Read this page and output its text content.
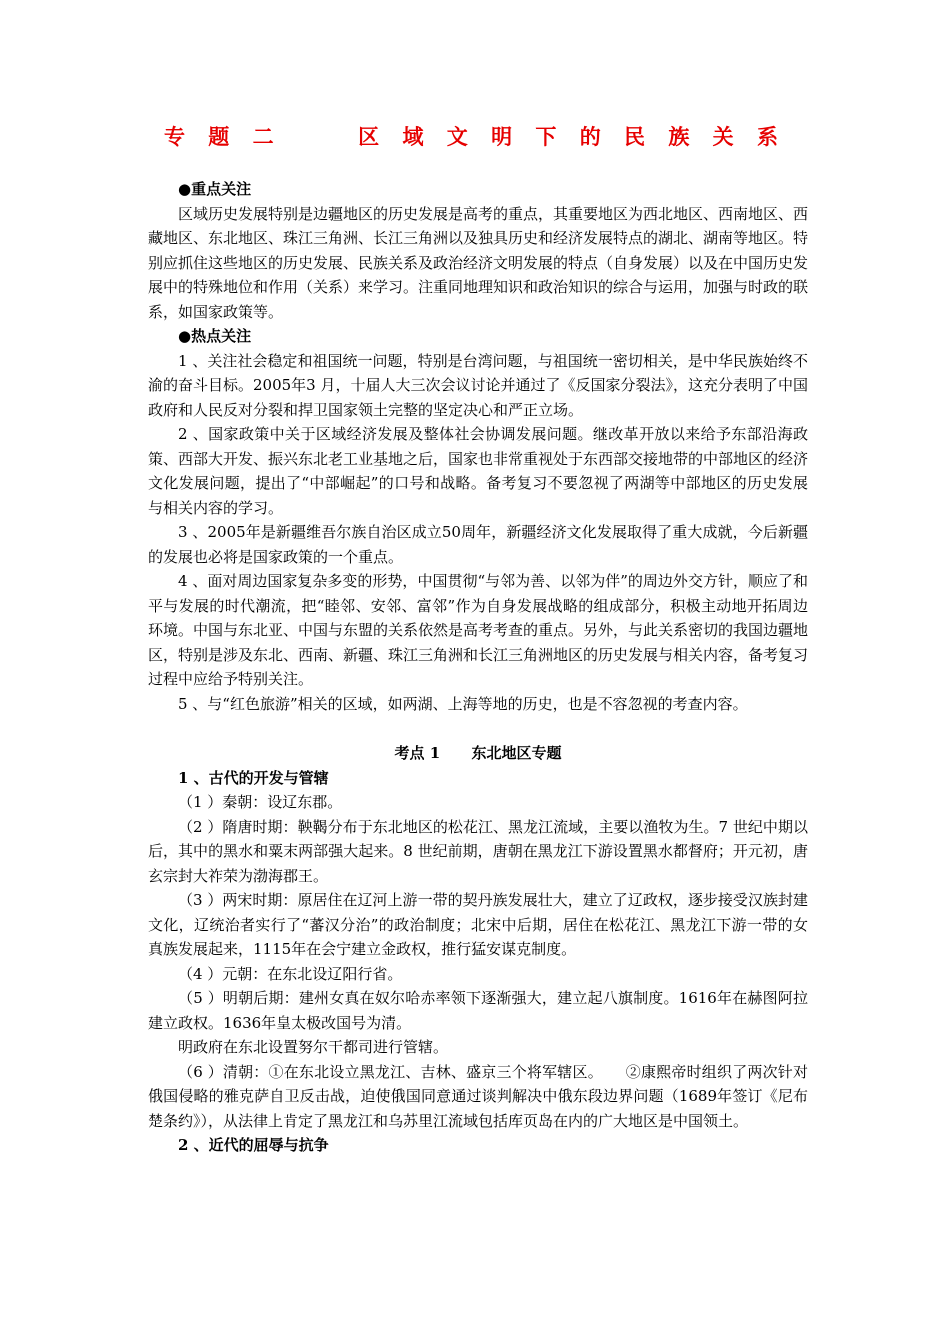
专 题 二     区 域 文 明 下 的 民 族 关 系

●重点关注

区域历史发展特别是边疆地区的历史发展是高考的重点，其重要地区为西北地区、西南地区、西藏地区、东北地区、珠江三角洲、长江三角洲以及独具历史和经济发展特点的湖北、湖南等地区。特别应抓住这些地区的历史发展、民族关系及政治经济文明发展的特点（自身发展）以及在中国历史发展中的特殊地位和作用（关系）来学习。注重同地理知识和政治知识的综合与运用，加强与时政的联系，如国家政策等。

●热点关注

1 、关注社会稳定和祖国统一问题，特别是台湾问题，与祖国统一密切相关，是中华民族始终不渝的奋斗目标。2005年3 月，十届人大三次会议讨论并通过了《反国家分裂法》，这充分表明了中国政府和人民反对分裂和捍卫国家领土完整的坚定决心和严正立场。

2 、国家政策中关于区域经济发展及整体社会协调发展问题。继改革开放以来给予东部沿海政策、西部大开发、振兴东北老工业基地之后，国家也非常重视处于东西部交接地带的中部地区的经济文化发展问题，提出了“中部崛起”的口号和战略。备考复习不要忽视了两湖等中部地区的历史发展与相关内容的学习。

3 、2005年是新疆维吾尔族自治区成立50周年，新疆经济文化发展取得了重大成就，今后新疆的发展也必将是国家政策的一个重点。

4 、面对周边国家复杂多变的形势，中国贯彻“与邻为善、以邻为伴”的周边外交方针，顺应了和平与发展的时代潮流，把“睦邻、安邻、富邻”作为自身发展战略的组成部分，积极主动地开拓周边环境。中国与东北亚、中国与东盟的关系依然是高考考查的重点。另外，与此关系密切的我国边疆地区，特别是涉及东北、西南、新疆、珠江三角洲和长江三角洲地区的历史发展与相关内容，备考复习过程中应给予特别关注。

5 、与“红色旅游”相关的区域，如两湖、上海等地的历史，也是不容忽视的考查内容。

考点 1      东北地区专题

1 、古代的开发与管辖

（1 ）秦朝：设辽东郡。

（2 ）隋唐时期：鞅鞨分布于东北地区的松花江、黑龙江流域，主要以渔牧为生。7 世纪中期以后，其中的黑水和粟末两部强大起来。8 世纪前期，唐朝在黑龙江下游设置黑水都督府；开元初，唐玄宗封大祚荣为渤海郡王。

（3 ）两宋时期：原居住在辽河上游一带的契丹族发展壮大，建立了辽政权，逐步接受汉族封建文化，辽统治者实行了“蕃汉分治”的政治制度；北宋中后期，居住在松花江、黑龙江下游一带的女真族发展起来，1115年在会宁建立金政权，推行猛安谋克制度。

（4 ）元朝：在东北设辽阳行省。

（5 ）明朝后期：建州女真在奴尔哈赤率领下逐渐强大，建立起八旗制度。1616年在赫图阿拉建立政权。1636年皇太极改国号为清。

明政府在东北设置努尔干都司进行管辖。

（6 ）清朝：①在东北设立黑龙江、吉林、盛京三个将军辖区。　　②康熙帝时组织了两次针对俄国侵略的雅克萨自卫反击战，迫使俄国同意通过谈判解决中俄东段边界问题（1689年签订《尼布楚条约》），从法律上肯定了黑龙江和乌苏里江流域包括库页岛在内的广大地区是中国领土。

2 、近代的屈辱与抗争
